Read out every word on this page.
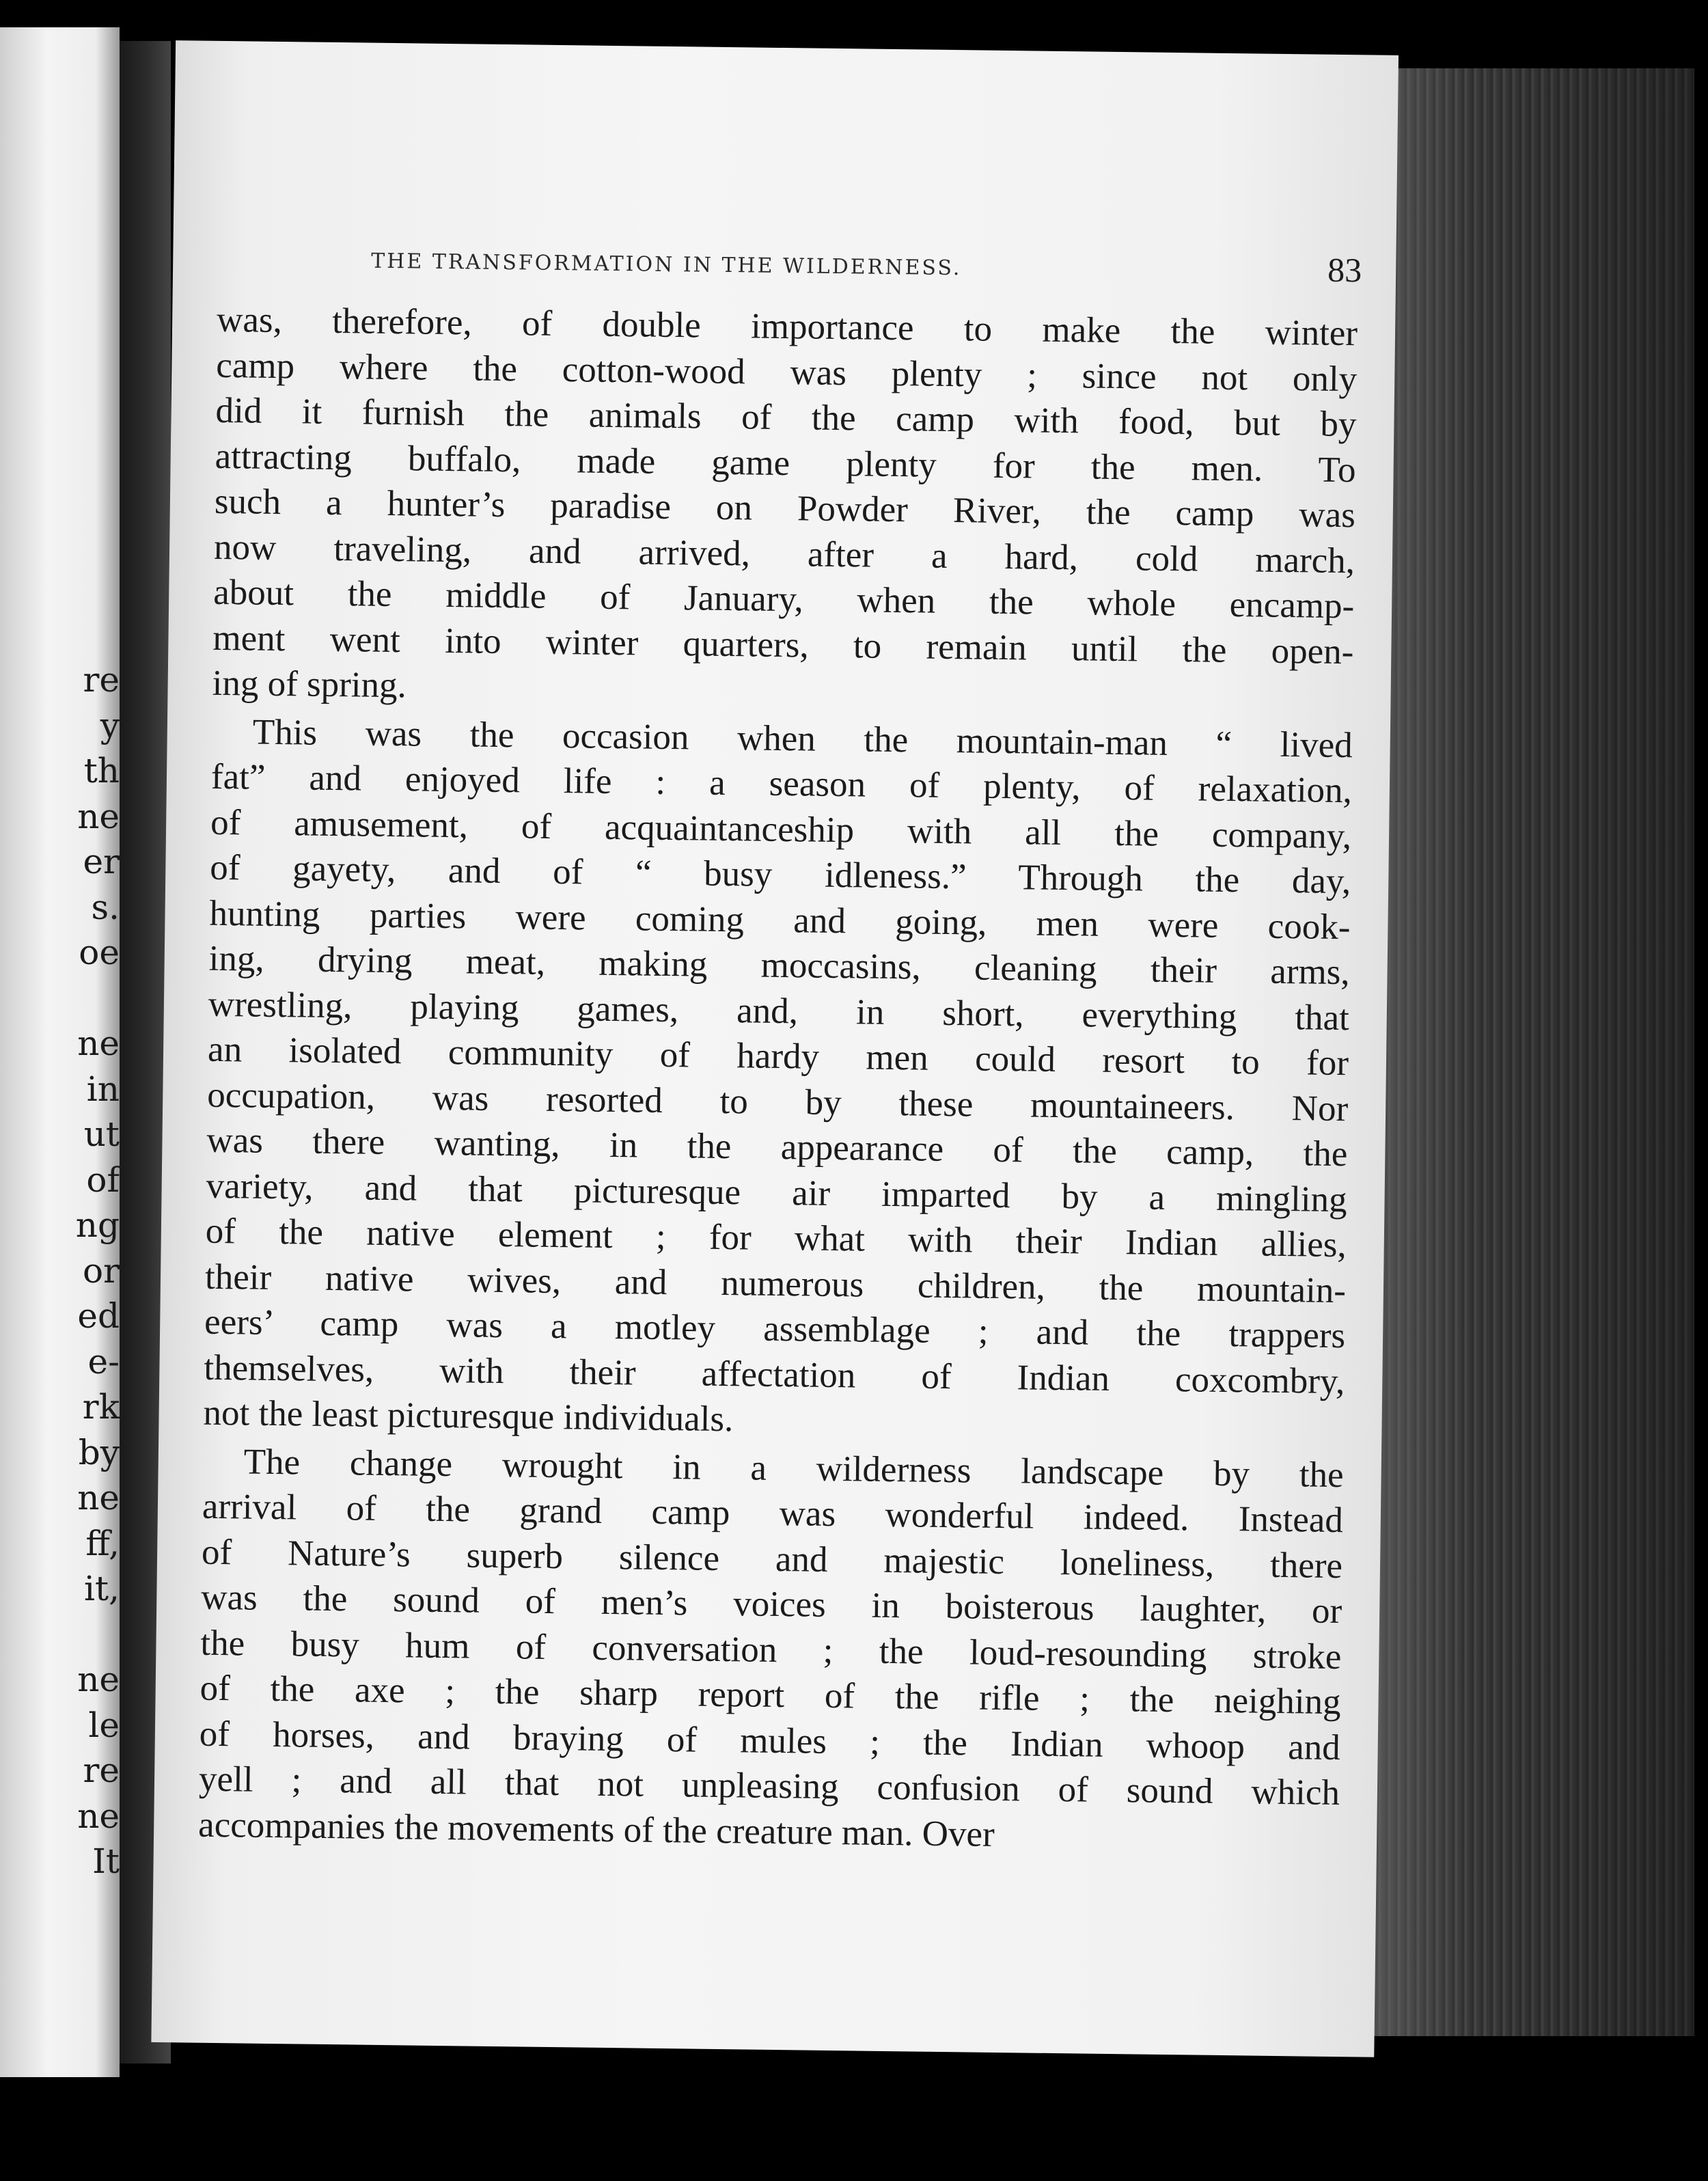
re
y
th
ne
er
s.
oe
ne
in
ut
of
ng
or
ed
e-
rk
by
ne
ff,
it,
ne
le
re
ne
It
THE TRANSFORMATION IN THE WILDERNESS.	83
was, therefore, of double importance to make the winter
camp where the cotton-wood was plenty ; since not only
did it furnish the animals of the camp with food, but by
attracting buffalo, made game plenty for the men. To
such a hunter’s paradise on Powder River, the camp was
now traveling, and arrived, after a hard, cold march,
about the middle of January, when the whole encamp-
ment went into winter quarters, to remain until the open-
ing of spring.
This was the occasion when the mountain-man “ lived
fat” and enjoyed life : a season of plenty, of relaxation,
of amusement, of acquaintanceship with all the company,
of gayety, and of “ busy idleness.” Through the day,
hunting parties were coming and going, men were cook-
ing, drying meat, making moccasins, cleaning their arms,
wrestling, playing games, and, in short, everything that
an isolated community of hardy men could resort to for
occupation, was resorted to by these mountaineers. Nor
was there wanting, in the appearance of the camp, the
variety, and that picturesque air imparted by a mingling
of the native element ; for what with their Indian allies,
their native wives, and numerous children, the mountain-
eers’ camp was a motley assemblage ; and the trappers
themselves, with their affectation of Indian coxcombry,
not the least picturesque individuals.
The change wrought in a wilderness landscape by the
arrival of the grand camp was wonderful indeed. Instead
of Nature’s superb silence and majestic loneliness, there
was the sound of men’s voices in boisterous laughter, or
the busy hum of conversation ; the loud-resounding stroke
of the axe ; the sharp report of the rifle ; the neighing
of horses, and braying of mules ; the Indian whoop and
yell ; and all that not unpleasing confusion of sound which
accompanies the movements of the creature man. Over
